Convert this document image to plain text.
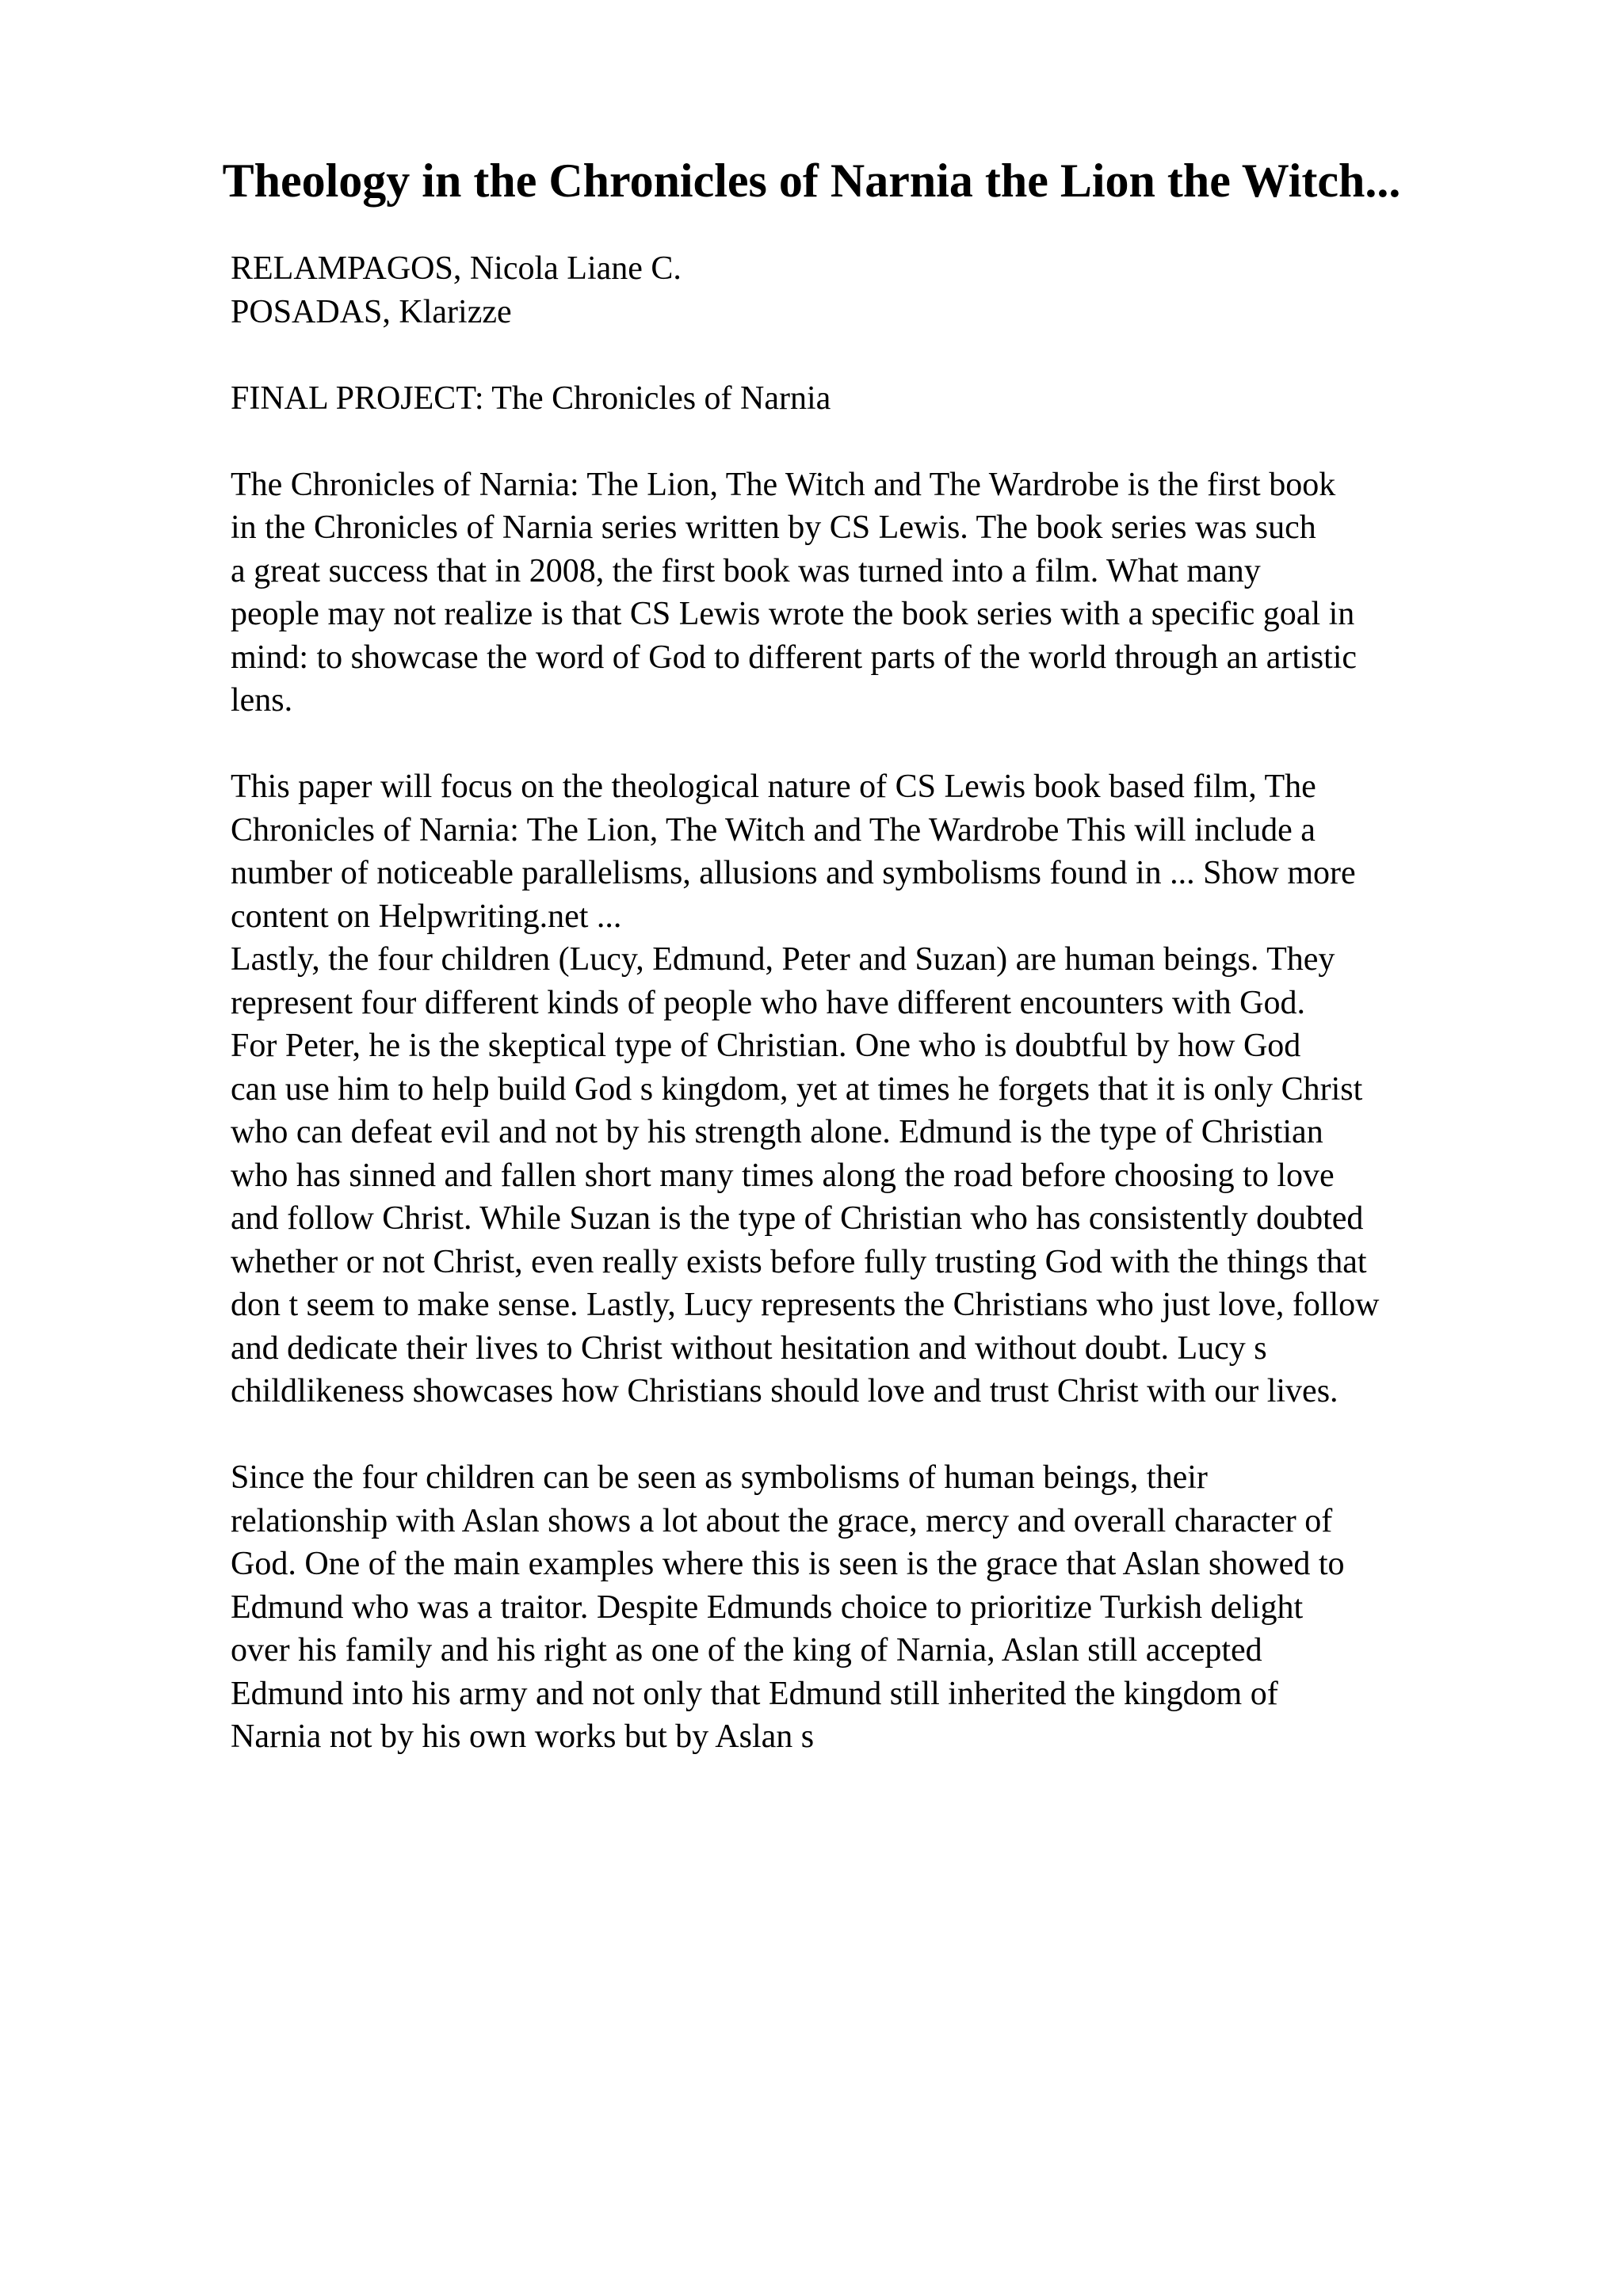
Theology in the Chronicles of Narnia the Lion the Witch...
RELAMPAGOS, Nicola Liane C.
POSADAS, Klarizze
FINAL PROJECT: The Chronicles of Narnia
The Chronicles of Narnia: The Lion, The Witch and The Wardrobe is the first book
in the Chronicles of Narnia series written by CS Lewis. The book series was such
a great success that in 2008, the first book was turned into a film. What many
people may not realize is that CS Lewis wrote the book series with a specific goal in
mind: to showcase the word of God to different parts of the world through an artistic
lens.
This paper will focus on the theological nature of CS Lewis book based film, The
Chronicles of Narnia: The Lion, The Witch and The Wardrobe This will include a
number of noticeable parallelisms, allusions and symbolisms found in ... Show more
content on Helpwriting.net ...
Lastly, the four children (Lucy, Edmund, Peter and Suzan) are human beings. They
represent four different kinds of people who have different encounters with God.
For Peter, he is the skeptical type of Christian. One who is doubtful by how God
can use him to help build God s kingdom, yet at times he forgets that it is only Christ
who can defeat evil and not by his strength alone. Edmund is the type of Christian
who has sinned and fallen short many times along the road before choosing to love
and follow Christ. While Suzan is the type of Christian who has consistently doubted
whether or not Christ, even really exists before fully trusting God with the things that
don t seem to make sense. Lastly, Lucy represents the Christians who just love, follow
and dedicate their lives to Christ without hesitation and without doubt. Lucy s
childlikeness showcases how Christians should love and trust Christ with our lives.
Since the four children can be seen as symbolisms of human beings, their
relationship with Aslan shows a lot about the grace, mercy and overall character of
God. One of the main examples where this is seen is the grace that Aslan showed to
Edmund who was a traitor. Despite Edmunds choice to prioritize Turkish delight
over his family and his right as one of the king of Narnia, Aslan still accepted
Edmund into his army and not only that Edmund still inherited the kingdom of
Narnia not by his own works but by Aslan s
